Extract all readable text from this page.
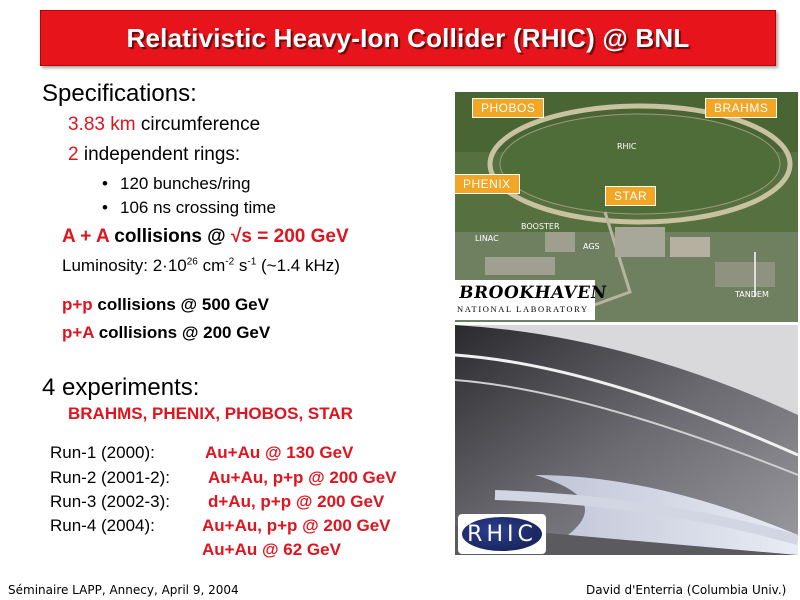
Relativistic Heavy-Ion Collider (RHIC) @ BNL
Specifications:
3.83 km circumference
2 independent rings:
• 120 bunches/ring
• 106 ns crossing time
A + A collisions @ √s = 200 GeV
Luminosity: $2\cdot 10^{26}$ $cm^{-2}$ $s^{-1}$ (~1.4 kHz)
p+p collisions @ 500 GeV
p+A collisions @ 200 GeV
4 experiments:
BRAHMS, PHENIX, PHOBOS, STAR
Run-1 (2000):	Au+Au @ 130 GeV
Run-2 (2001-2): Au+Au, p+p @ 200 GeV
Run-3 (2002-3): d+Au, p+p @ 200 GeV
Run-4 (2004):	Au+Au, p+p @ 200 GeV
Au+Au @ 62 GeV
PHOBOS	BRAHMS
PHENIX
STAR
RHIC
BOOSTER
AGS
LINAC
TANDEM
BROOKHAVEN
NATIONAL LABORATORY
RHIC
Séminaire LAPP, Annecy, April 9, 2004	David d'Enterria (Columbia Univ.)
